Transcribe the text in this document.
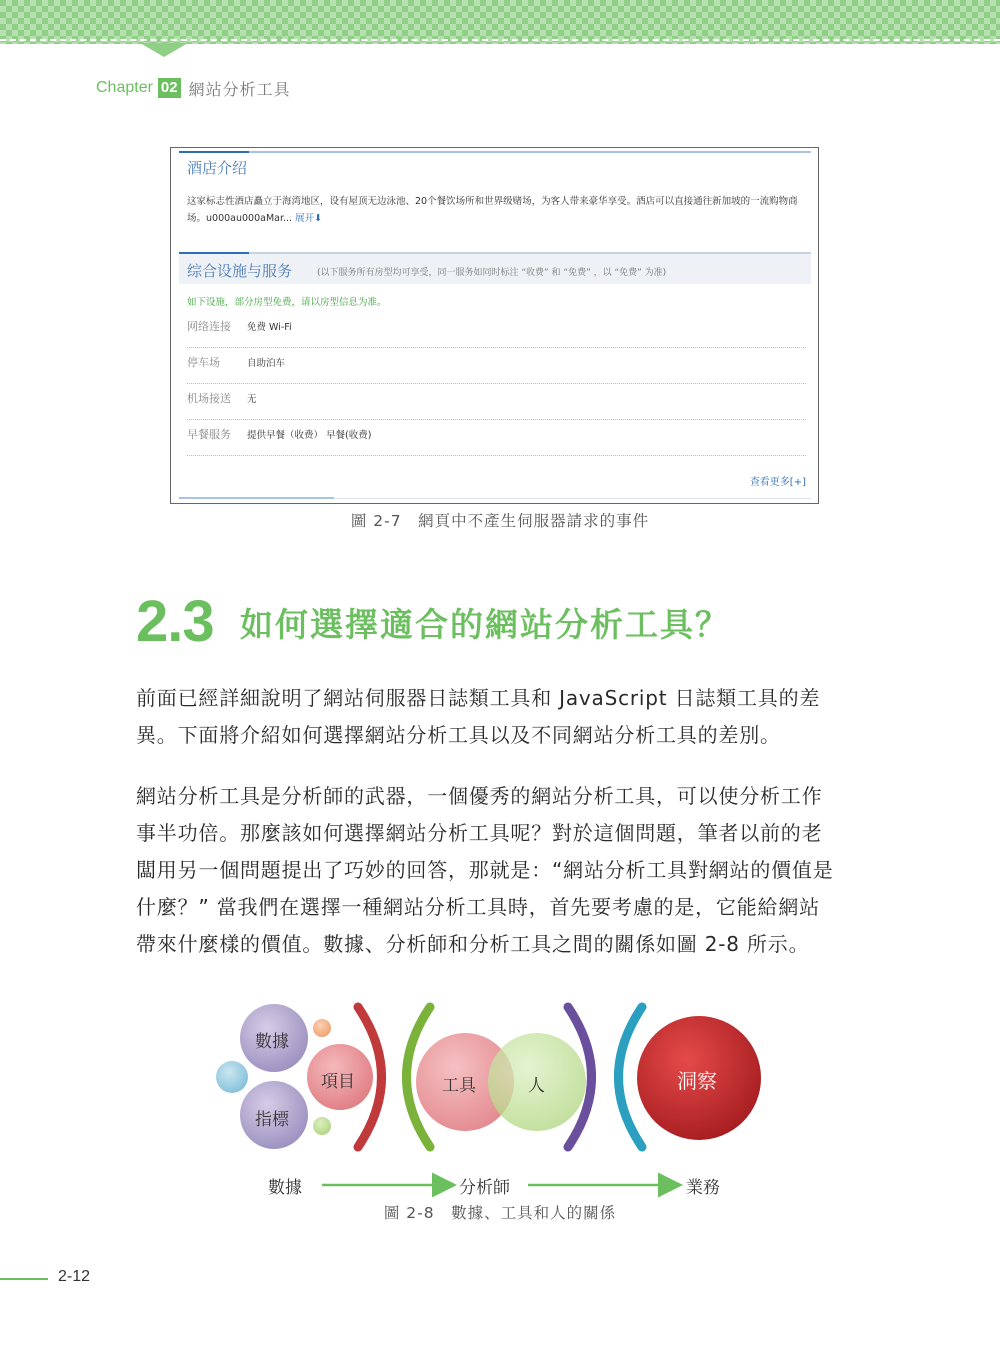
Chapter 02 網站分析工具
酒店介绍
这家标志性酒店矗立于海湾地区，设有屋顶无边泳池、20个餐饮场所和世界级赌场，为客人带来豪华享受。酒店可以直接通往新加坡的一流购物商场。u000au000aMar... 展开⬇
综合设施与服务	(以下服务所有房型均可享受，同一服务如同时标注 “收费” 和 “免费” ，以 “免费” 为准)
如下设施，部分房型免费，请以房型信息为准。
网络连接 免费 Wi-Fi
停车场	自助泊车
机场接送 无
早餐服务 提供早餐（收费） 早餐(收费)
查看更多[+]
圖 2-7　網頁中不產生伺服器請求的事件
2.3 如何選擇適合的網站分析工具？
前面已經詳細說明了網站伺服器日誌類工具和 JavaScript 日誌類工具的差
異。下面將介紹如何選擇網站分析工具以及不同網站分析工具的差別。
網站分析工具是分析師的武器，一個優秀的網站分析工具，可以使分析工作
事半功倍。那麼該如何選擇網站分析工具呢？對於這個問題，筆者以前的老
闆用另一個問題提出了巧妙的回答，那就是：“網站分析工具對網站的價值是
什麼？” 當我們在選擇一種網站分析工具時，首先要考慮的是，它能給網站
帶來什麼樣的價值。數據、分析師和分析工具之間的關係如圖 2-8 所示。
數據
項目
指標
工具	人	洞察
數據	分析師	業務
圖 2-8　數據、工具和人的關係
2-12
